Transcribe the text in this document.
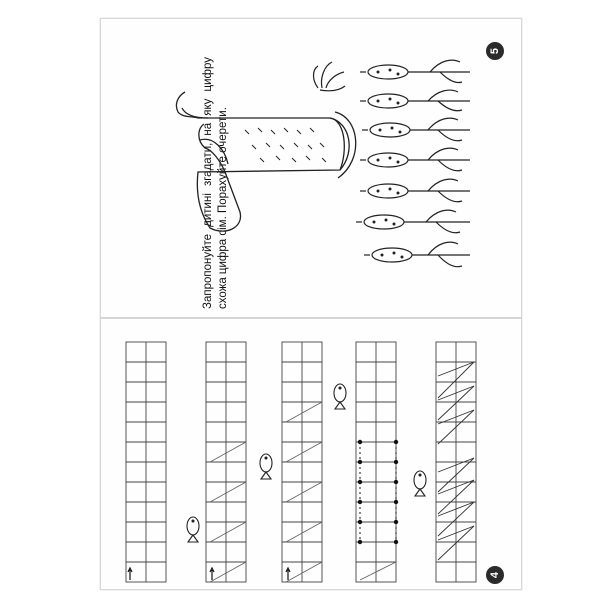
5
4
Запропонуйте дитині згадати, на яку цифру схожа цифра сім. Порахуйте очерети.
